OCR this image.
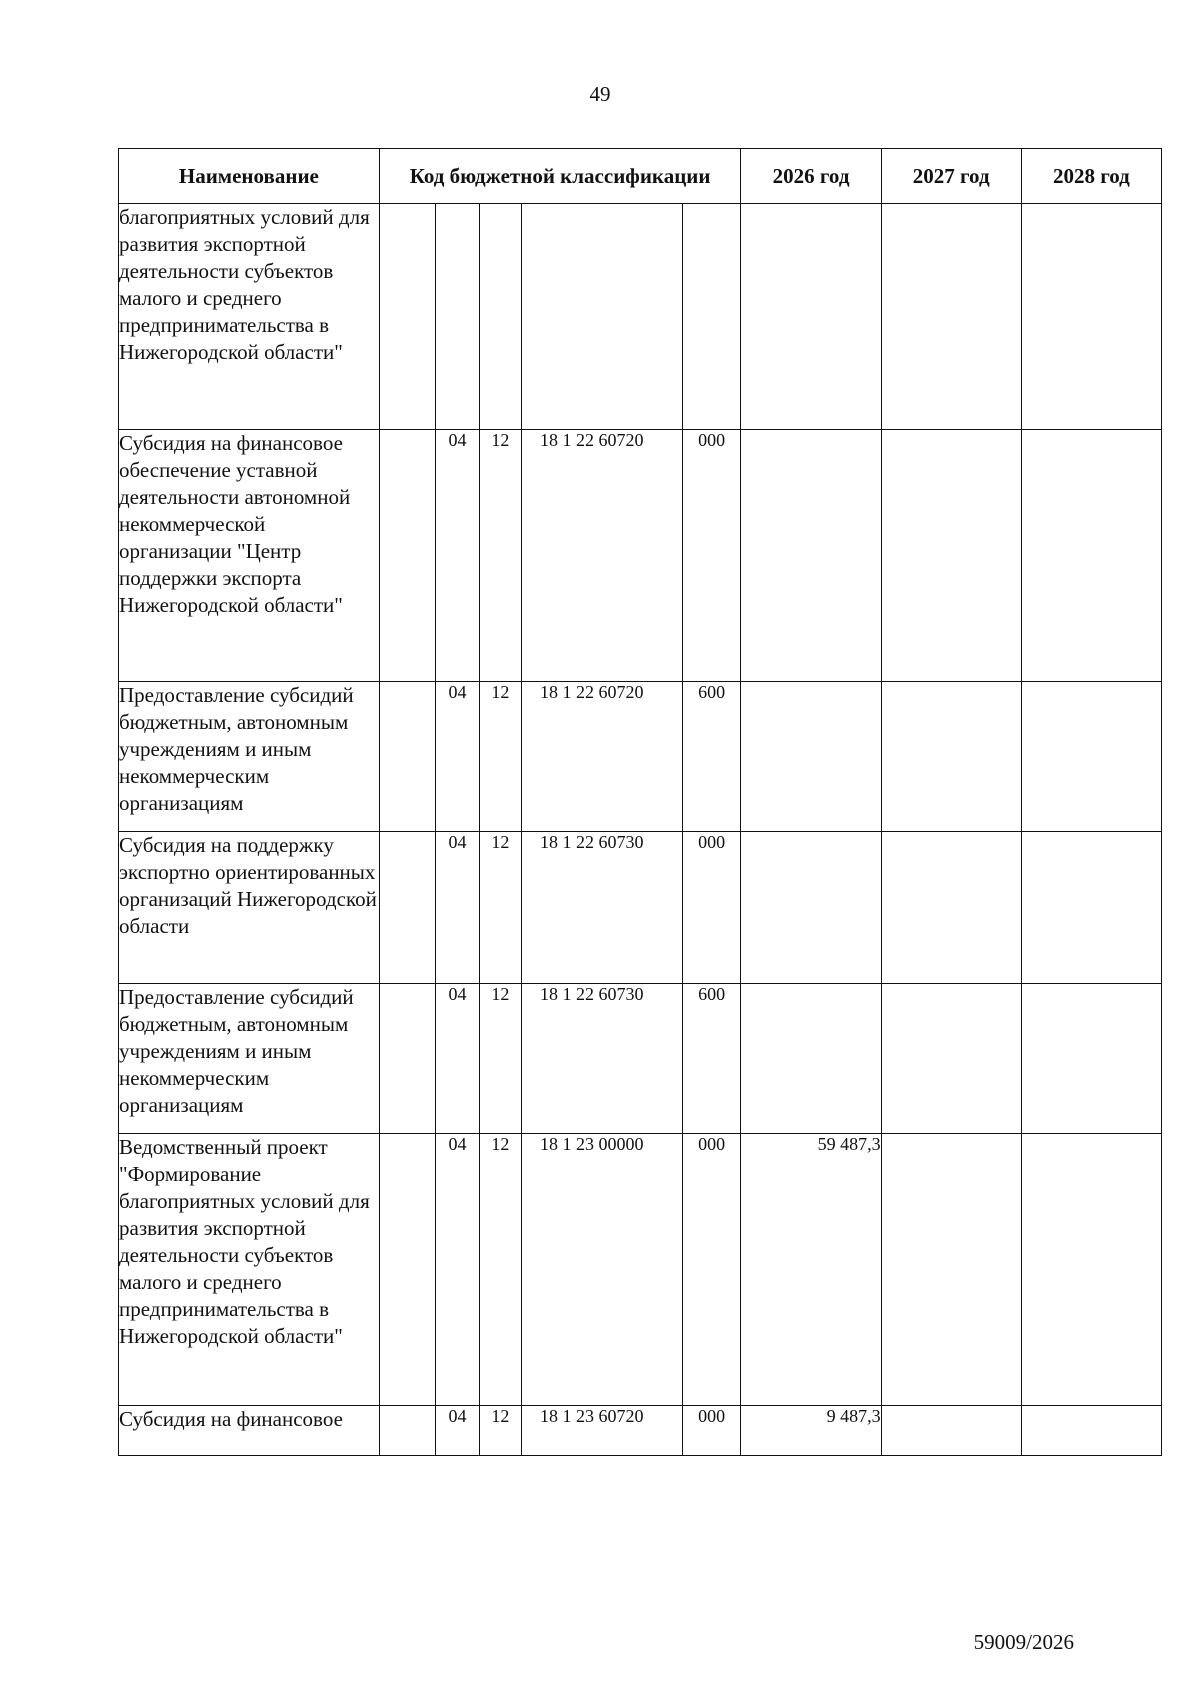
49
Наименование	Код бюджетной классификации					2026 год	2027 год	2028 год
благоприятных условий для развития экспортной деятельности субъектов малого и среднего предпринимательства в Нижегородской области"								
Субсидия на финансовое обеспечение уставной деятельности автономной некоммерческой организации "Центр поддержки экспорта Нижегородской области"		04	12	18 1 22 60720	000			
Предоставление субсидий бюджетным, автономным учреждениям и иным некоммерческим организациям		04	12	18 1 22 60720	600			
Субсидия на поддержку экспортно ориентированных организаций Нижегородской области		04	12	18 1 22 60730	000			
Предоставление субсидий бюджетным, автономным учреждениям и иным некоммерческим организациям		04	12	18 1 22 60730	600			
Ведомственный проект "Формирование благоприятных условий для развития экспортной деятельности субъектов малого и среднего предпринимательства в Нижегородской области"		04	12	18 1 23 00000	000	59 487,3		
Субсидия на финансовое		04	12	18 1 23 60720	000	9 487,3		
59009/2026
